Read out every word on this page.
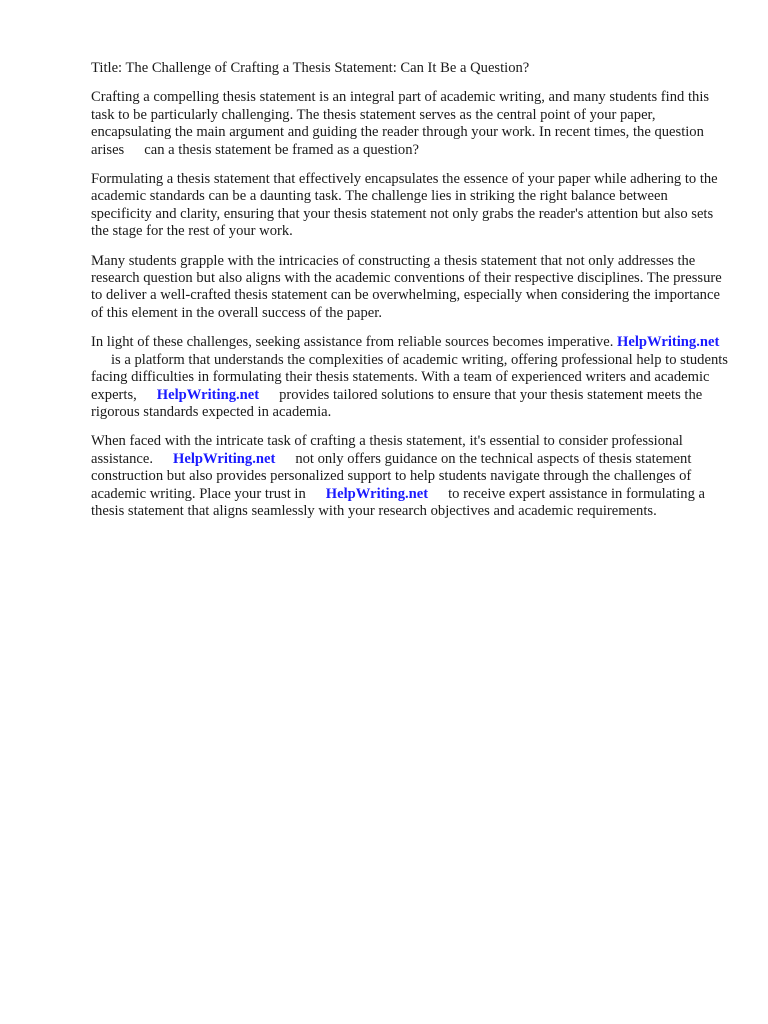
Title: The Challenge of Crafting a Thesis Statement: Can It Be a Question?

Crafting a compelling thesis statement is an integral part of academic writing, and many students find this task to be particularly challenging. The thesis statement serves as the central point of your paper, encapsulating the main argument and guiding the reader through your work. In recent times, the question arises can a thesis statement be framed as a question?

Formulating a thesis statement that effectively encapsulates the essence of your paper while adhering to the academic standards can be a daunting task. The challenge lies in striking the right balance between specificity and clarity, ensuring that your thesis statement not only grabs the reader's attention but also sets the stage for the rest of your work.

Many students grapple with the intricacies of constructing a thesis statement that not only addresses the research question but also aligns with the academic conventions of their respective disciplines. The pressure to deliver a well-crafted thesis statement can be overwhelming, especially when considering the importance of this element in the overall success of the paper.

In light of these challenges, seeking assistance from reliable sources becomes imperative. HelpWriting.netis a platform that understands the complexities of academic writing, offering professional help to students facing difficulties in formulating their thesis statements. With a team of experienced writers and academic experts, HelpWriting.net provides tailored solutions to ensure that your thesis statement meets the rigorous standards expected in academia.

When faced with the intricate task of crafting a thesis statement, it's essential to consider professional assistance. HelpWriting.net not only offers guidance on the technical aspects of thesis statement construction but also provides personalized support to help students navigate through the challenges of academic writing. Place your trust in HelpWriting.net to receive expert assistance in formulating a thesis statement that aligns seamlessly with your research objectives and academic requirements.
